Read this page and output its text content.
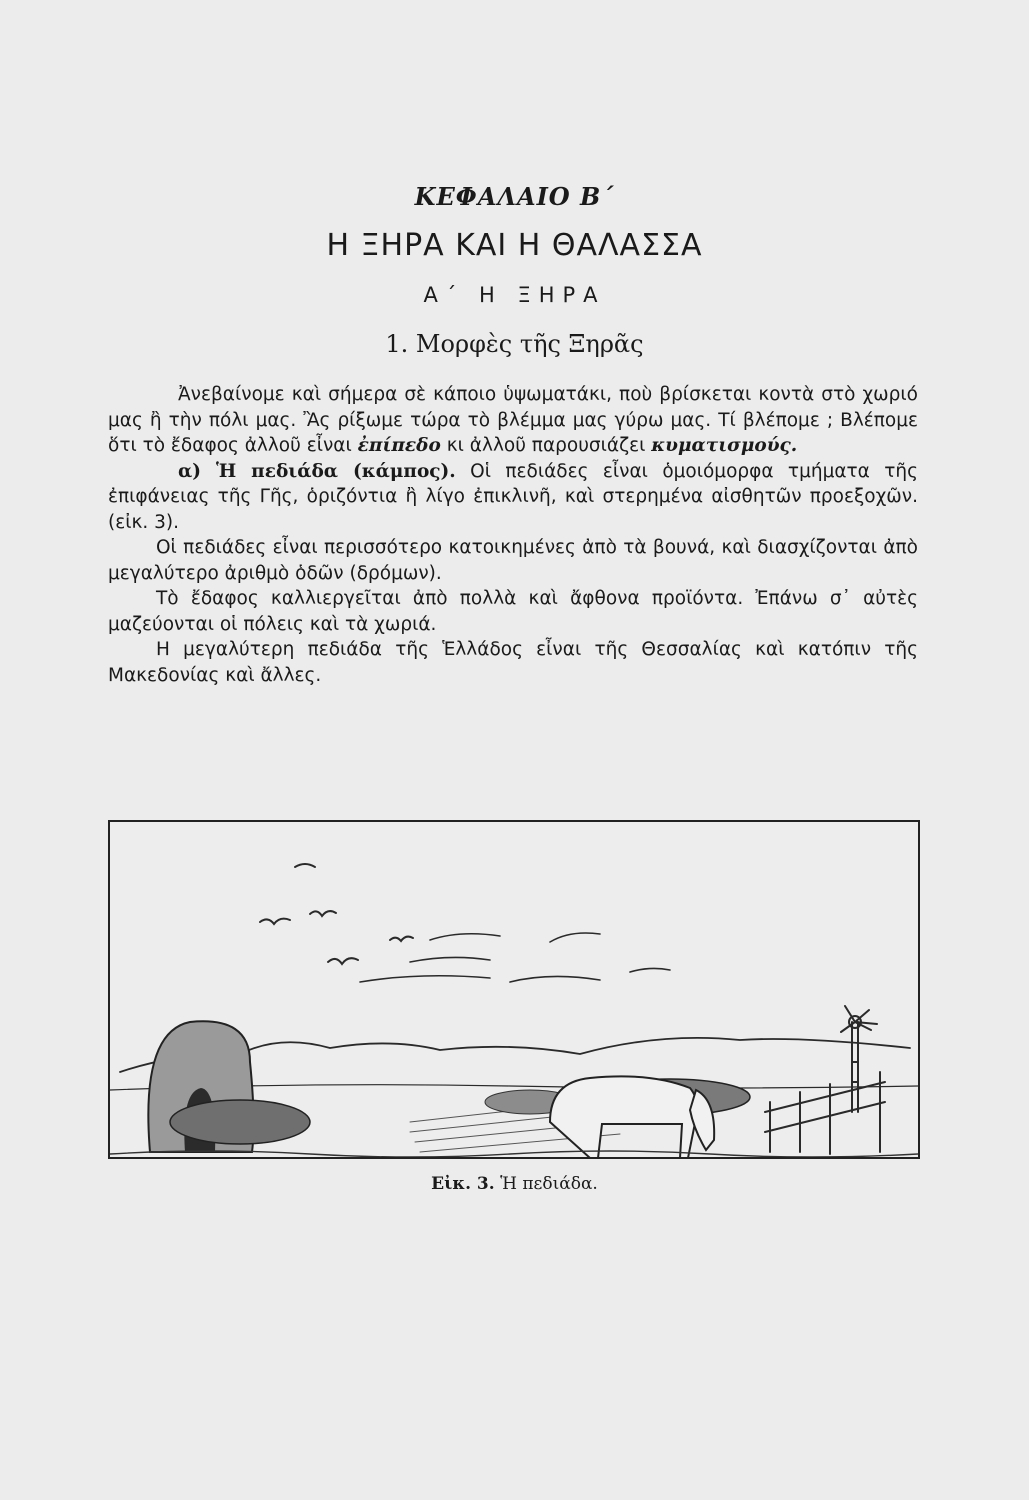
ΚΕΦΑΛΑΙΟ Β΄
Η ΞΗΡΑ ΚΑΙ Η ΘΑΛΑΣΣΑ
Α΄ Η ΞΗΡΑ
1. Μορφὲς τῆς Ξηρᾶς

Ἀνεβαίνομε καὶ σήμερα σὲ κάποιο ὑψωματάκι, ποὺ βρίσκεται κοντὰ στὸ χωριό μας ἢ τὴν πόλι μας. Ἂς ρίξωμε τώρα τὸ βλέμμα μας γύρω μας. Τί βλέπομε ; Βλέπομε ὅτι τὸ ἔδαφος ἀλλοῦ εἶναι ἐπίπεδο κι ἀλλοῦ παρουσιάζει κυματισμούς.

α) Ἡ πεδιάδα (κάμπος). Οἱ πεδιάδες εἶναι ὁμοιόμορφα τμήματα τῆς ἐπιφάνειας τῆς Γῆς, ὁριζόντια ἢ λίγο ἐπικλινῆ, καὶ στερημένα αἰσθητῶν προεξοχῶν. (εἰκ. 3).

Οἱ πεδιάδες εἶναι περισσότερο κατοικημένες ἀπὸ τὰ βουνά, καὶ διασχίζονται ἀπὸ μεγαλύτερο ἀριθμὸ ὁδῶν (δρόμων).

Τὸ ἔδαφος καλλιεργεῖται ἀπὸ πολλὰ καὶ ἄφθονα προϊόντα. Ἐπάνω σ᾿ αὐτὲς μαζεύονται οἱ πόλεις καὶ τὰ χωριά.

Η μεγαλύτερη πεδιάδα τῆς Ἑλλάδος εἶναι τῆς Θεσσαλίας καὶ κατόπιν τῆς Μακεδονίας καὶ ἄλλες.

Εἰκ. 3. Ἡ πεδιάδα.
